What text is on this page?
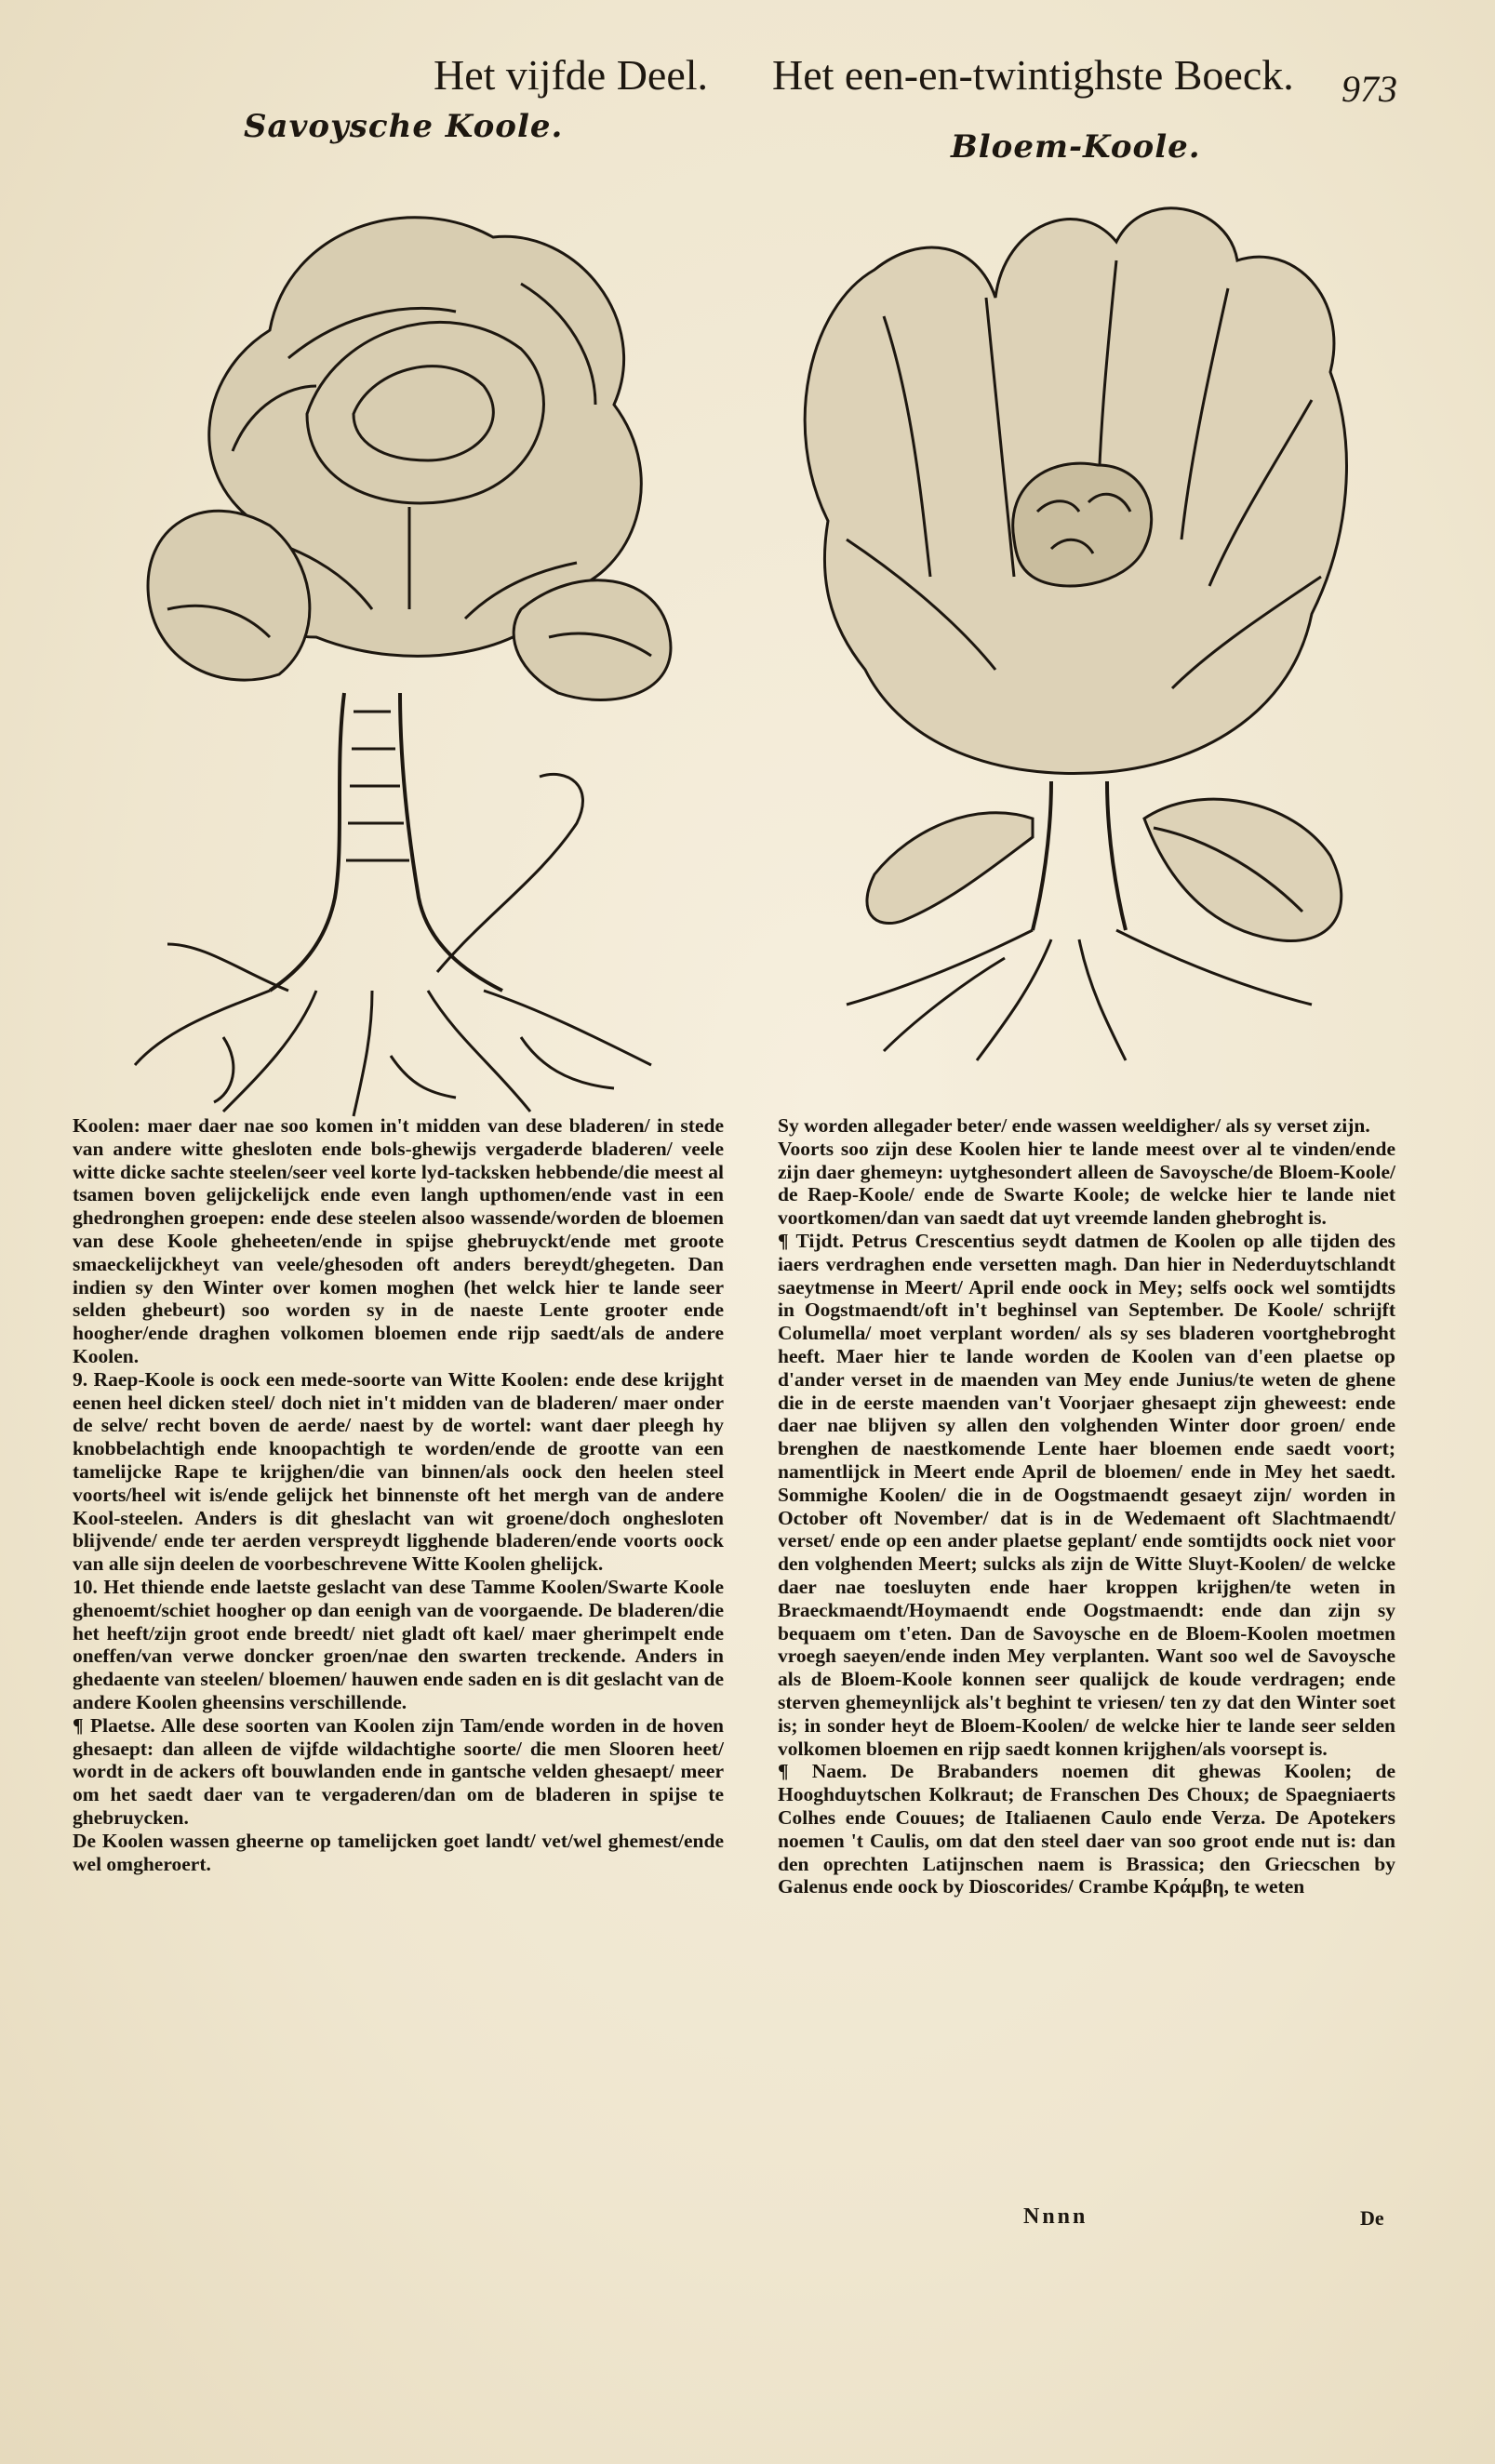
Het vijfde Deel. Het een-en-twintighste Boeck. 973
Savoysche Koole.
Bloem-Koole.

Koolen: maer daer nae soo komen in't midden van dese bladeren/ in stede van andere witte ghesloten ende bols-ghewijs vergaderde bladeren/ veele witte dicke sachte steelen/seer veel korte lyd-tacksken hebbende/die meest al tsamen boven gelijckelijck ende even langh upthomen/ende vast in een ghedronghen groepen: ende dese steelen alsoo wassende/worden de bloemen van dese Koole gheheeten/ende in spijse ghebruyckt/ende met groote smaeckelijckheyt van veele/ghesoden oft anders bereydt/ghegeten. Dan indien sy den Winter over komen moghen (het welck hier te lande seer selden ghebeurt) soo worden sy in de naeste Lente grooter ende hoogher/ende draghen volkomen bloemen ende rijp saedt/als de andere Koolen.
9. Raep-Koole is oock een mede-soorte van Witte Koolen: ende dese krijght eenen heel dicken steel/ doch niet in't midden van de bladeren/ maer onder de selve/ recht boven de aerde/ naest by de wortel: want daer pleegh hy knobbelachtigh ende knoopachtigh te worden/ende de grootte van een tamelijcke Rape te krijghen/die van binnen/als oock den heelen steel voorts/heel wit is/ende gelijck het binnenste oft het mergh van de andere Kool-steelen. Anders is dit gheslacht van wit groene/doch onghesloten blijvende/ ende ter aerden verspreydt ligghende bladeren/ende voorts oock van alle sijn deelen de voorbeschrevene Witte Koolen ghelijck.
10. Het thiende ende laetste geslacht van dese Tamme Koolen/Swarte Koole ghenoemt/schiet hoogher op dan eenigh van de voorgaende. De bladeren/die het heeft/zijn groot ende breedt/ niet gladt oft kael/ maer gherimpelt ende oneffen/van verwe doncker groen/nae den swarten treckende. Anders in ghedaente van steelen/ bloemen/ hauwen ende saden en is dit geslacht van de andere Koolen gheensins verschillende.
¶ Plaetse. Alle dese soorten van Koolen zijn Tam/ende worden in de hoven ghesaept: dan alleen de vijfde wildachtighe soorte/ die men Slooren heet/ wordt in de ackers oft bouwlanden ende in gantsche velden ghesaept/ meer om het saedt daer van te vergaderen/dan om de bladeren in spijse te ghebruycken.
De Koolen wassen gheerne op tamelijcken goet landt/ vet/wel ghemest/ende wel omgheroert.

Sy worden allegader beter/ ende wassen weeldigher/ als sy verset zijn.
Voorts soo zijn dese Koolen hier te lande meest over al te vinden/ende zijn daer ghemeyn: uytghesondert alleen de Savoysche/de Bloem-Koole/ de Raep-Koole/ ende de Swarte Koole; de welcke hier te lande niet voortkomen/dan van saedt dat uyt vreemde landen ghebroght is.
¶ Tijdt. Petrus Crescentius seydt datmen de Koolen op alle tijden des iaers verdraghen ende versetten magh. Dan hier in Nederduytschlandt saeytmense in Meert/ April ende oock in Mey; selfs oock wel somtijdts in Oogstmaendt/oft in't beghinsel van September. De Koole/ schrijft Columella/ moet verplant worden/ als sy ses bladeren voortghebroght heeft. Maer hier te lande worden de Koolen van d'een plaetse op d'ander verset in de maenden van Mey ende Junius/te weten de ghene die in de eerste maenden van't Voorjaer ghesaept zijn gheweest: ende daer nae blijven sy allen den volghenden Winter door groen/ ende brenghen de naestkomende Lente haer bloemen ende saedt voort; namentlijck in Meert ende April de bloemen/ ende in Mey het saedt. Sommighe Koolen/ die in de Oogstmaendt gesaeyt zijn/ worden in October oft November/ dat is in de Wedemaent oft Slachtmaendt/ verset/ ende op een ander plaetse geplant/ ende somtijdts oock niet voor den volghenden Meert; sulcks als zijn de Witte Sluyt-Koolen/ de welcke daer nae toesluyten ende haer kroppen krijghen/te weten in Braeckmaendt/Hoymaendt ende Oogstmaendt: ende dan zijn sy bequaem om t'eten. Dan de Savoysche en de Bloem-Koolen moetmen vroegh saeyen/ende inden Mey verplanten. Want soo wel de Savoysche als de Bloem-Koole konnen seer qualijck de koude verdragen; ende sterven ghemeynlijck als't beghint te vriesen/ ten zy dat den Winter soet is; in sonder heyt de Bloem-Koolen/ de welcke hier te lande seer selden volkomen bloemen en rijp saedt konnen krijghen/als voorsept is.
¶ Naem. De Brabanders noemen dit ghewas Koolen; de Hooghduytschen Kolkraut; de Franschen Des Choux; de Spaegniaerts Colhes ende Couues; de Italiaenen Caulo ende Verza. De Apotekers noemen 't Caulis, om dat den steel daer van soo groot ende nut is: dan den oprechten Latijnschen naem is Brassica; den Griecschen by Galenus ende oock by Dioscorides/ Crambe Κράμβη, te weten

Nnnn	De
